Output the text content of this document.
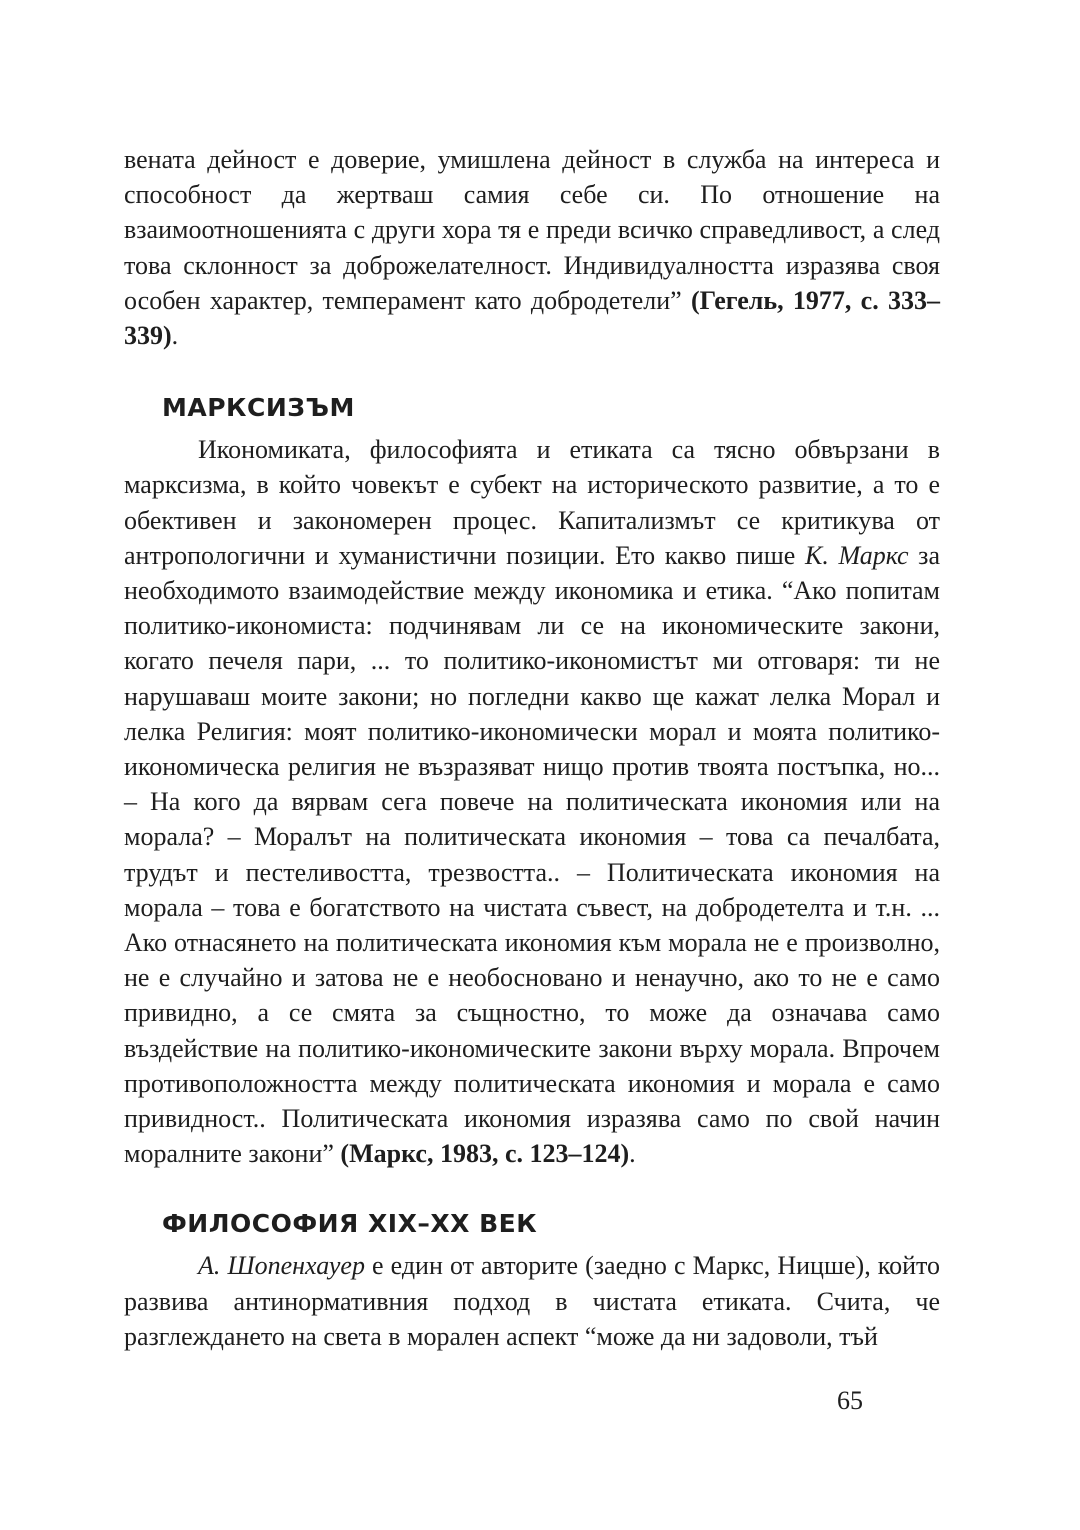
вената дейност е доверие, умишлена дейност в служба на интереса и способност да жертваш самия себе си. По отношение на взаимоотношенията с други хора тя е преди всичко справедливост, а след това склонност за доброжелателност. Индивидуалността изразява своя особен характер, темперамент като добродетели” (Гегель, 1977, с. 333–339).

МАРКСИЗЪМ

Икономиката, философията и етиката са тясно обвързани в марксизма, в който човекът е субект на историческото развитие, а то е обективен и закономерен процес. Капитализмът се критикува от антропологични и хуманистични позиции. Ето какво пише К. Маркс за необходимото взаимодействие между икономика и етика. “Ако попитам политико-икономиста: подчинявам ли се на икономическите закони, когато печеля пари, ... то политико-икономистът ми отговаря: ти не нарушаваш моите закони; но погледни какво ще кажат лелка Морал и лелка Религия: моят политико-икономически морал и моята политико-икономическа религия не възразяват нищо против твоята постъпка, но... – На кого да вярвам сега повече на политическата икономия или на морала? – Моралът на политическата икономия – това са печалбата, трудът и пестеливостта, трезвостта.. – Политическата икономия на морала – това е богатството на чистата съвест, на добродетелта и т.н. ... Ако отнасянето на политическата икономия към морала не е произволно, не е случайно и затова не е необосновано и ненаучно, ако то не е само привидно, а се смята за същностно, то може да означава само въздействие на политико-икономическите закони върху морала. Впрочем противоположността между политическата икономия и морала е само привидност.. Политическата икономия изразява само по свой начин моралните закони” (Маркс, 1983, с. 123–124).

ФИЛОСОФИЯ XIX–XX ВЕК

А. Шопенхауер е един от авторите (заедно с Маркс, Ницше), който развива антинормативния подход в чистата етиката. Счита, че разглеждането на света в морален аспект “може да ни задоволи, тъй

65
